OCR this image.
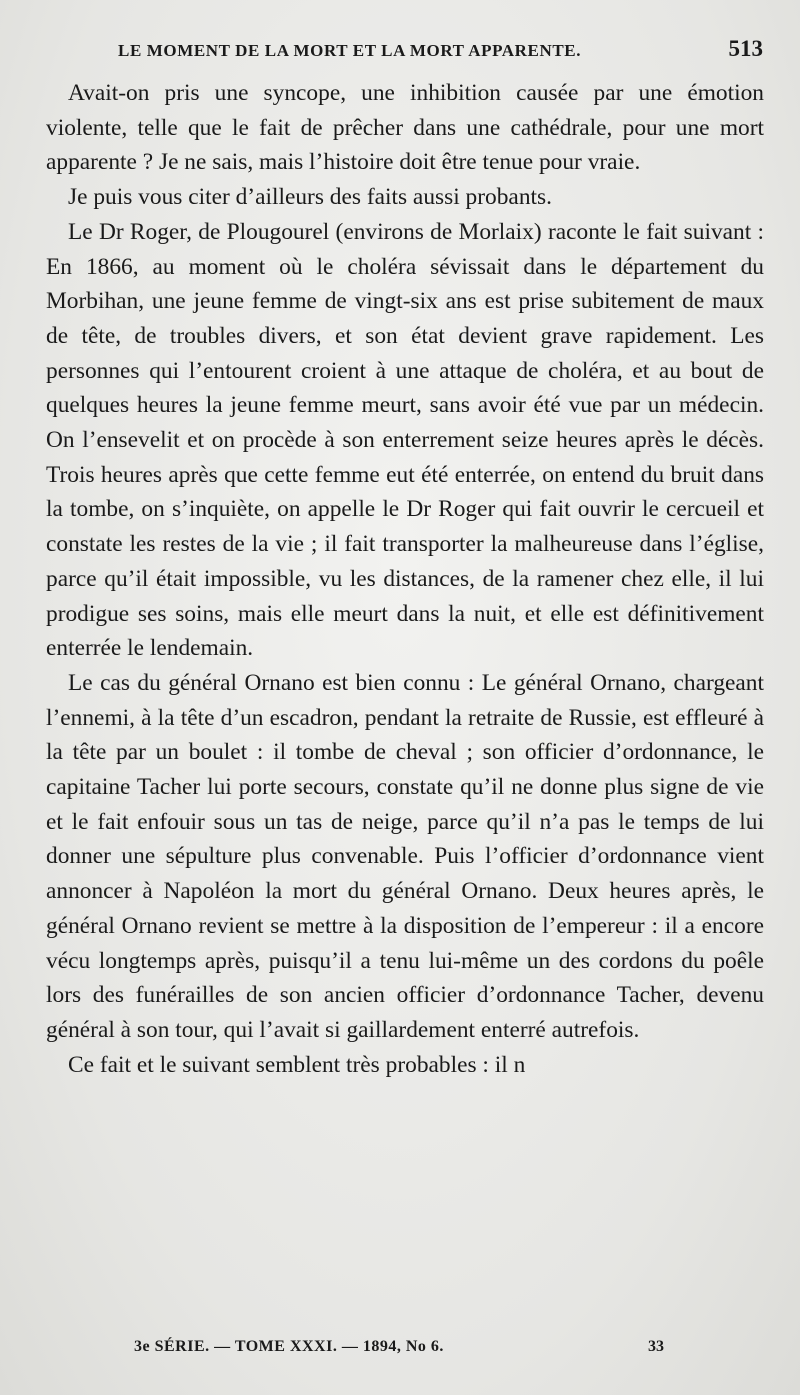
LE MOMENT DE LA MORT ET LA MORT APPARENTE.	513

Avait-on pris une syncope, une inhibition causée par une émotion violente, telle que le fait de prêcher dans une cathédrale, pour une mort apparente ? Je ne sais, mais l’histoire doit être tenue pour vraie.

Je puis vous citer d’ailleurs des faits aussi probants.

Le Dr Roger, de Plougourel (environs de Morlaix) raconte le fait suivant : En 1866, au moment où le choléra sévissait dans le département du Morbihan, une jeune femme de vingt-six ans est prise subitement de maux de tête, de troubles divers, et son état devient grave rapidement. Les personnes qui l’entourent croient à une attaque de choléra, et au bout de quelques heures la jeune femme meurt, sans avoir été vue par un médecin. On l’ensevelit et on procède à son enterrement seize heures après le décès. Trois heures après que cette femme eut été enterrée, on entend du bruit dans la tombe, on s’inquiète, on appelle le Dr Roger qui fait ouvrir le cercueil et constate les restes de la vie ; il fait transporter la malheureuse dans l’église, parce qu’il était impossible, vu les distances, de la ramener chez elle, il lui prodigue ses soins, mais elle meurt dans la nuit, et elle est définitivement enterrée le lendemain.

Le cas du général Ornano est bien connu : Le général Ornano, chargeant l’ennemi, à la tête d’un escadron, pendant la retraite de Russie, est effleuré à la tête par un boulet : il tombe de cheval ; son officier d’ordonnance, le capitaine Tacher lui porte secours, constate qu’il ne donne plus signe de vie et le fait enfouir sous un tas de neige, parce qu’il n’a pas le temps de lui donner une sépulture plus convenable. Puis l’officier d’ordonnance vient annoncer à Napoléon la mort du général Ornano. Deux heures après, le général Ornano revient se mettre à la disposition de l’empereur : il a encore vécu longtemps après, puisqu’il a tenu lui-même un des cordons du poêle lors des funérailles de son ancien officier d’ordonnance Tacher, devenu général à son tour, qui l’avait si gaillardement enterré autrefois.

Ce fait et le suivant semblent très probables : il n

3e SÉRIE. — TOME XXXI. — 1894, No 6.	33
